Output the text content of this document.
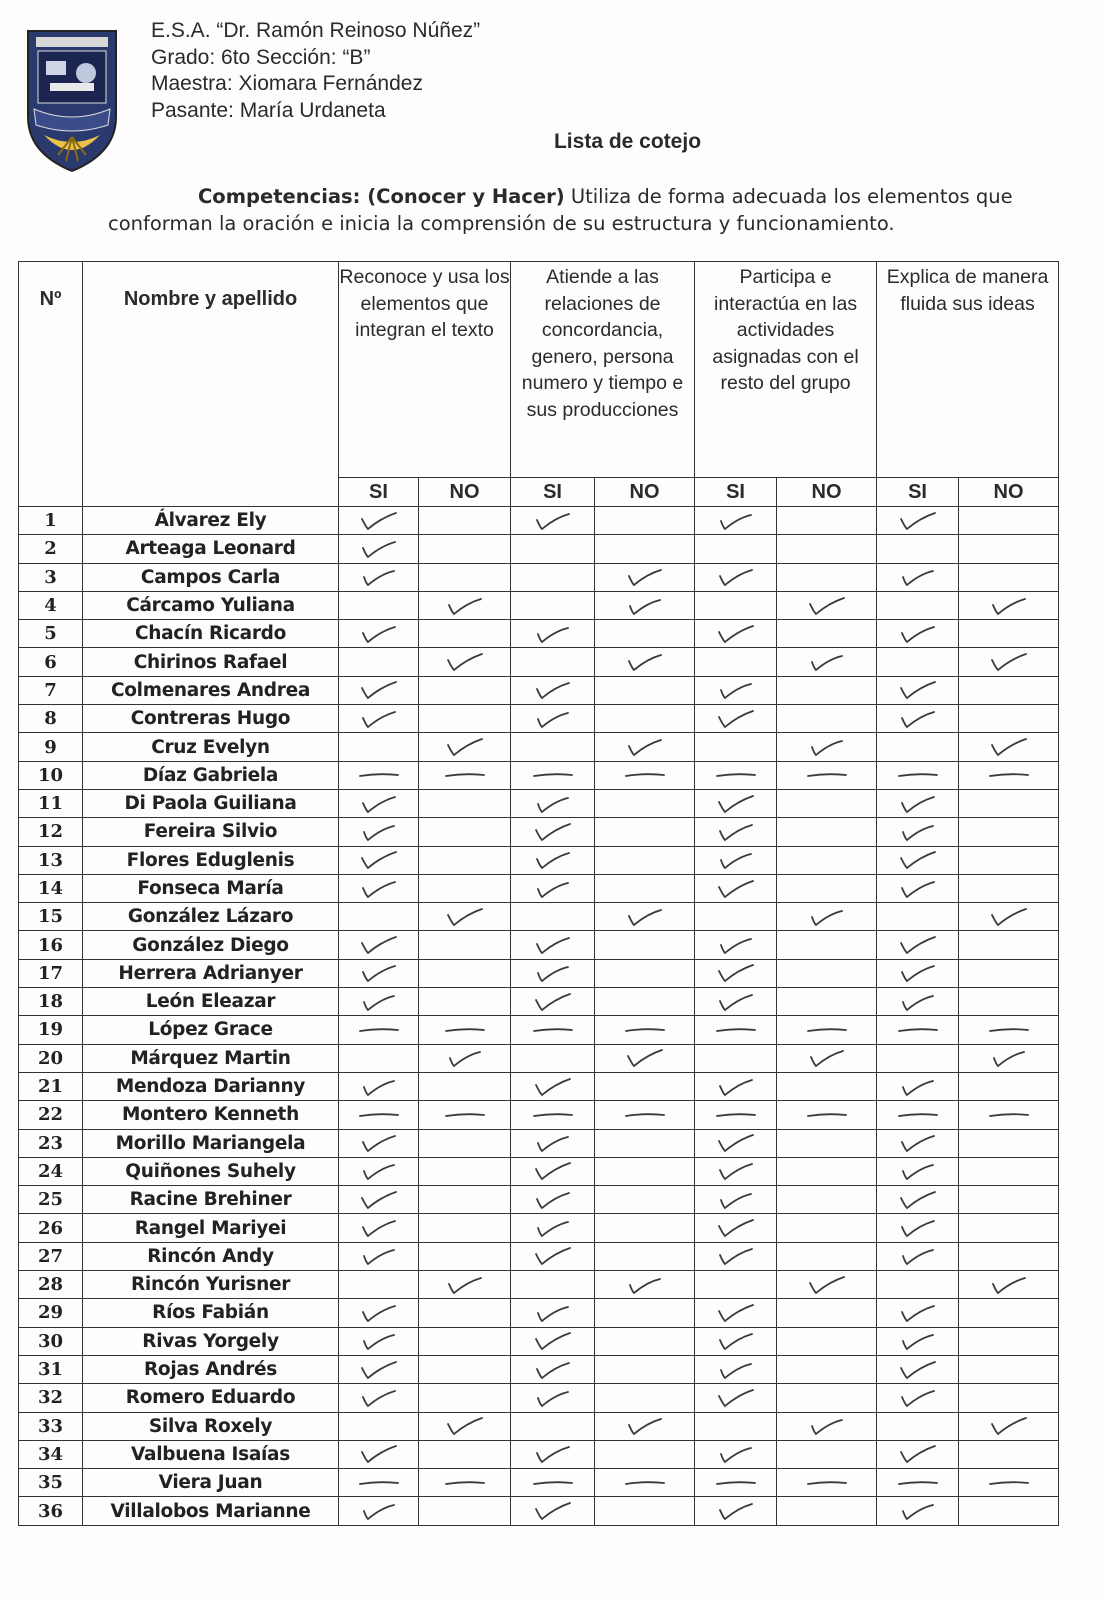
E.S.A. “Dr. Ramón Reinoso Núñez”
Grado: 6to Sección: “B”
Maestra: Xiomara Fernández
Pasante: María Urdaneta
Lista de cotejo
Competencias: (Conocer y Hacer) Utiliza de forma adecuada los elementos que conforman la oración e inicia la comprensión de su estructura y funcionamiento.
Nº	Nombre y apellido	Reconoce y usa los elementos que integran el texto		Atiende a las relaciones de concordancia, genero, persona numero y tiempo e sus producciones		Participa e interactúa en las actividades asignadas con el resto del grupo		Explica de manera fluida sus ideas	
		SI	NO	SI	NO	SI	NO	SI	NO
1	Álvarez Ely	

2	Arteaga Leonard	

3	Campos Carla	

4	Cárcamo Yuliana		

5	Chacín Ricardo	

6	Chirinos Rafael		

7	Colmenares Andrea	

8	Contreras Hugo	

9	Cruz Evelyn		

10	Díaz Gabriela	

11	Di Paola Guiliana	

12	Fereira Silvio	

13	Flores Eduglenis	

14	Fonseca María	

15	González Lázaro		

16	González Diego	

17	Herrera Adrianyer	

18	León Eleazar	

19	López Grace	

20	Márquez Martin		

21	Mendoza Darianny	

22	Montero Kenneth	

23	Morillo Mariangela	

24	Quiñones Suhely	

25	Racine Brehiner	

26	Rangel Mariyei	

27	Rincón Andy	

28	Rincón Yurisner		

29	Ríos Fabián	

30	Rivas Yorgely	

31	Rojas Andrés	

32	Romero Eduardo	

33	Silva Roxely		

34	Valbuena Isaías	

35	Viera Juan	

36	Villalobos Marianne	
